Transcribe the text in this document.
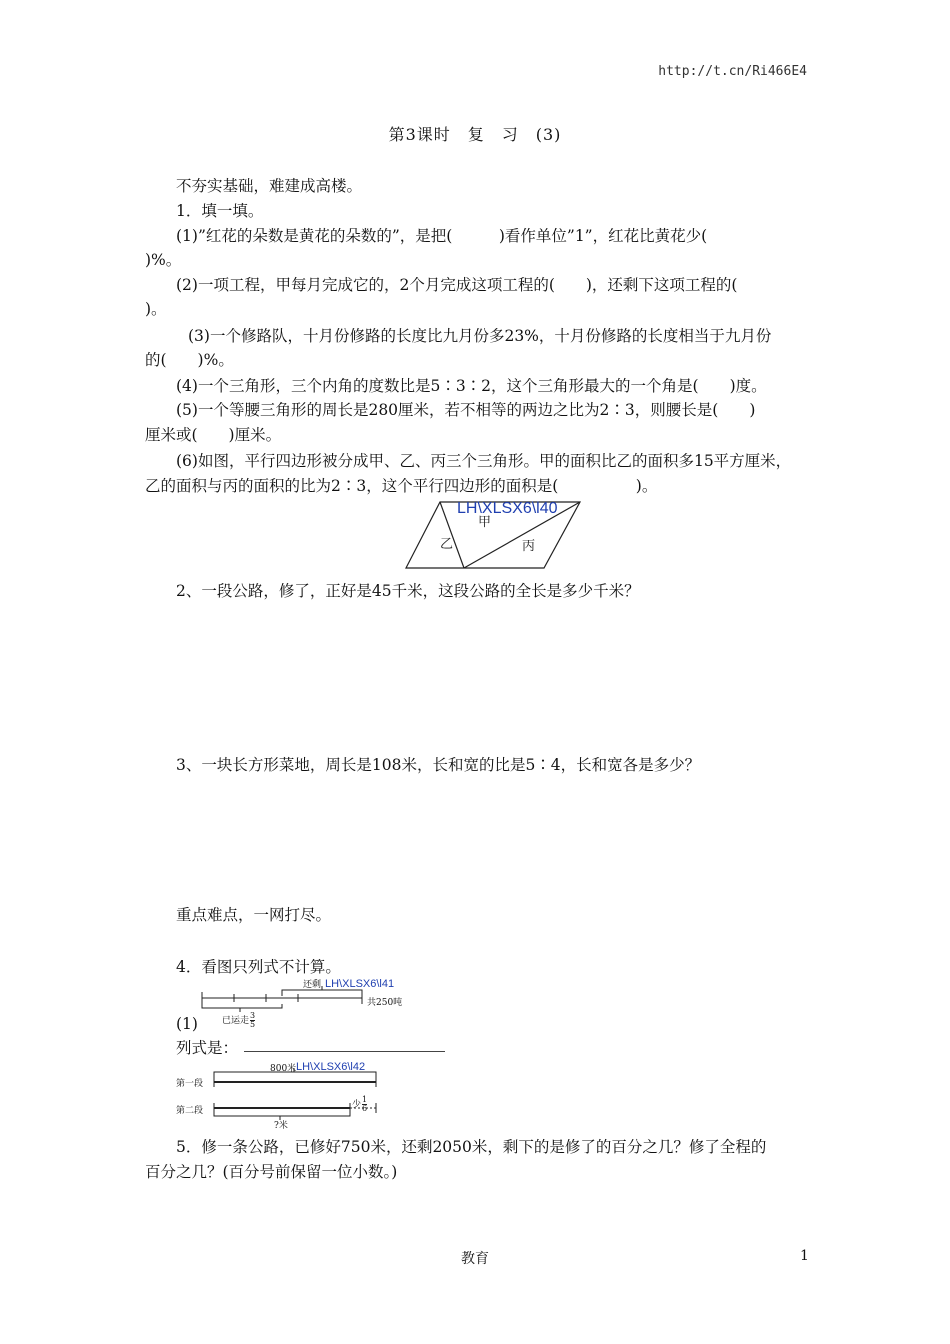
http://t.cn/Ri466E4
第3课时　复　习　(3)
不夯实基础，难建成高楼。
1．填一填。
(1)”红花的朵数是黄花的朵数的”，是把(　　　)看作单位”1”，红花比黄花少(
)%。
(2)一项工程，甲每月完成它的，2个月完成这项工程的(　　)，还剩下这项工程的(
)。
(3)一个修路队，十月份修路的长度比九月份多23%，十月份修路的长度相当于九月份
的(　　)%。
(4)一个三角形，三个内角的度数比是5∶3∶2，这个三角形最大的一个角是(　　)度。
(5)一个等腰三角形的周长是280厘米，若不相等的两边之比为2∶3，则腰长是(　　)
厘米或(　　)厘米。
(6)如图，平行四边形被分成甲、乙、丙三个三角形。甲的面积比乙的面积多15平方厘米，
乙的面积与丙的面积的比为2∶3，这个平行四边形的面积是(　　　　　)。
甲
乙	丙
LH\XLSX6\l40
2、一段公路，修了，正好是45千米，这段公路的全长是多少千米？
3、一块长方形菜地，周长是108米，长和宽的比是5∶4，长和宽各是多少？
重点难点，一网打尽。
4．看图只列式不计算。
还剩 LH\XLSX6\l41
共250吨
已运走 $\frac{3}{5}$
(1)
列式是：
800米 LH\XLSX6\l42
第一段
第二段
少 $\frac{1}{6}$
?米
5．修一条公路，已修好750米，还剩2050米，剩下的是修了的百分之几？修了全程的
百分之几？(百分号前保留一位小数。)
教育	1
